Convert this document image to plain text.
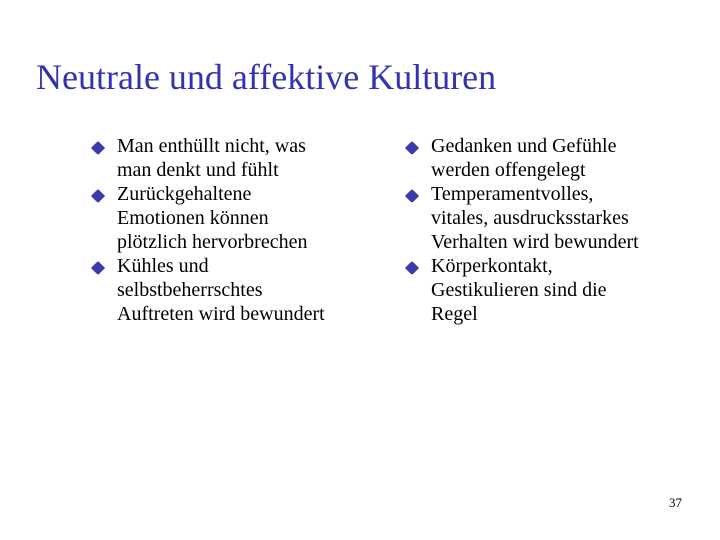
Neutrale und affektive Kulturen
Man enthüllt nicht, was
man denkt und fühlt
Zurückgehaltene
Emotionen können
plötzlich hervorbrechen
Kühles und
selbstbeherrschtes
Auftreten wird bewundert
Gedanken und Gefühle
werden offengelegt
Temperamentvolles,
vitales, ausdrucksstarkes
Verhalten wird bewundert
Körperkontakt,
Gestikulieren sind die
Regel
37
